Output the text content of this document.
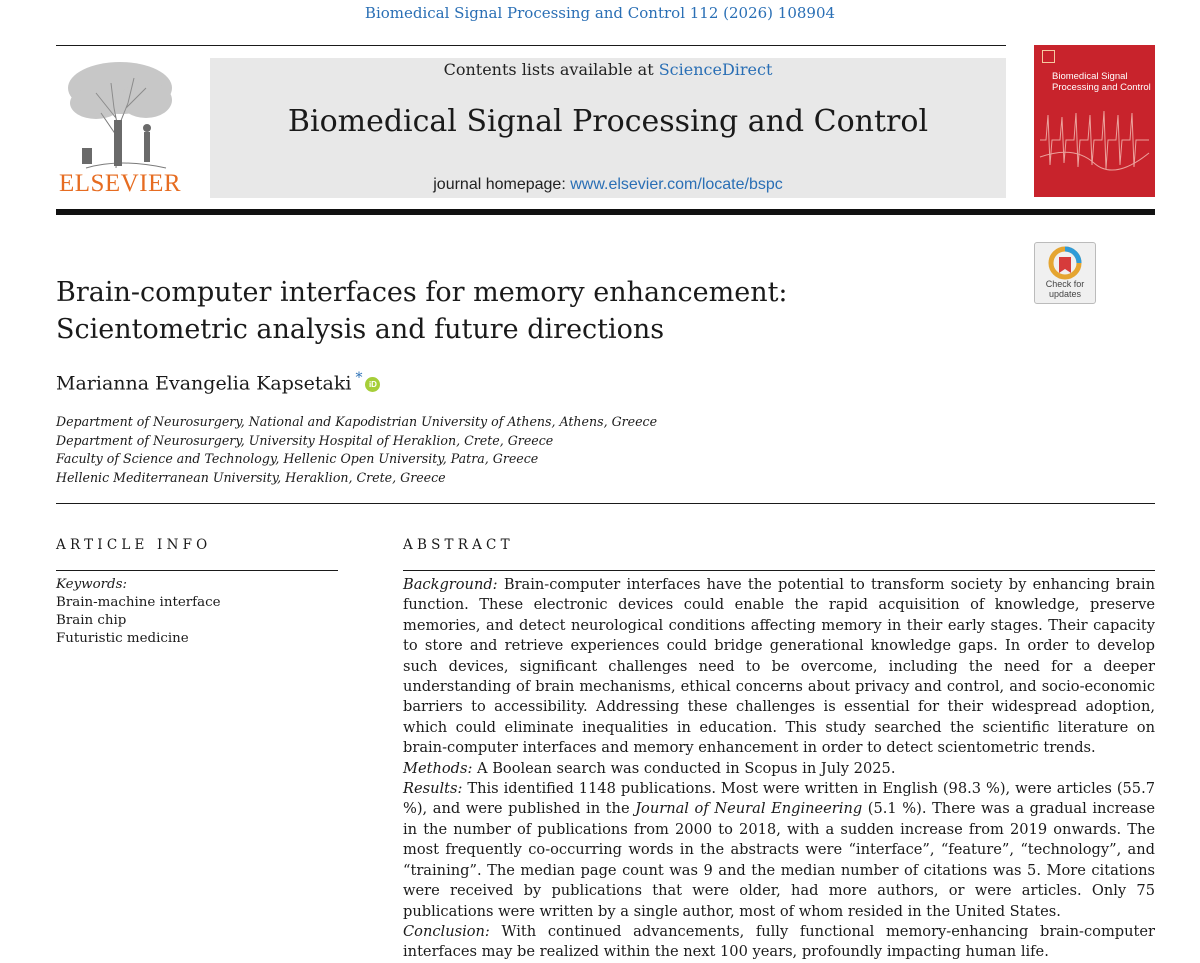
Biomedical Signal Processing and Control 112 (2026) 108904
ELSEVIER
Contents lists available at ScienceDirect
Biomedical Signal Processing and Control
journal homepage: www.elsevier.com/locate/bspc
Biomedical Signal Processing and Control
Check for updates
Brain-computer interfaces for memory enhancement: Scientometric analysis and future directions
Marianna Evangelia Kapsetaki * iD
Department of Neurosurgery, National and Kapodistrian University of Athens, Athens, Greece
Department of Neurosurgery, University Hospital of Heraklion, Crete, Greece
Faculty of Science and Technology, Hellenic Open University, Patra, Greece
Hellenic Mediterranean University, Heraklion, Crete, Greece
ARTICLE INFO	ABSTRACT
Keywords:
Brain-machine interface
Brain chip
Futuristic medicine

Background: Brain-computer interfaces have the potential to transform society by enhancing brain function. These electronic devices could enable the rapid acquisition of knowledge, preserve memories, and detect neurological conditions affecting memory in their early stages. Their capacity to store and retrieve experiences could bridge generational knowledge gaps. In order to develop such devices, significant challenges need to be overcome, including the need for a deeper understanding of brain mechanisms, ethical concerns about privacy and control, and socio-economic barriers to accessibility. Addressing these challenges is essential for their widespread adoption, which could eliminate inequalities in education. This study searched the scientific literature on brain-computer interfaces and memory enhancement in order to detect scientometric trends.

Methods: A Boolean search was conducted in Scopus in July 2025.

Results: This identified 1148 publications. Most were written in English (98.3 %), were articles (55.7 %), and were published in the Journal of Neural Engineering (5.1 %). There was a gradual increase in the number of publications from 2000 to 2018, with a sudden increase from 2019 onwards. The most frequently co-occurring words in the abstracts were “interface”, “feature”, “technology”, and “training”. The median page count was 9 and the median number of citations was 5. More citations were received by publications that were older, had more authors, or were articles. Only 75 publications were written by a single author, most of whom resided in the United States.

Conclusion: With continued advancements, fully functional memory-enhancing brain-computer interfaces may be realized within the next 100 years, profoundly impacting human life.
